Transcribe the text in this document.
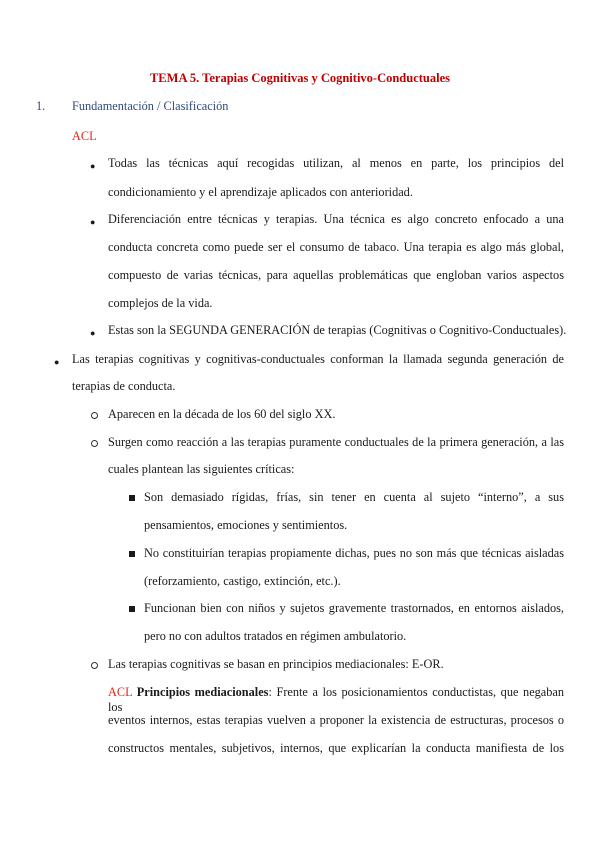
TEMA 5. Terapias Cognitivas y Cognitivo-Conductuales
1. Fundamentación / Clasificación
ACL
● Todas las técnicas aquí recogidas utilizan, al menos en parte, los principios del
condicionamiento y el aprendizaje aplicados con anterioridad.
● Diferenciación entre técnicas y terapias. Una técnica es algo concreto enfocado a una
conducta concreta como puede ser el consumo de tabaco. Una terapia es algo más global,
compuesto de varias técnicas, para aquellas problemáticas que engloban varios aspectos
complejos de la vida.
● Estas son la SEGUNDA GENERACIÓN de terapias (Cognitivas o Cognitivo-Conductuales).
● Las terapias cognitivas y cognitivas-conductuales conforman la llamada segunda generación de
terapias de conducta.
Aparecen en la década de los 60 del siglo XX.
Surgen como reacción a las terapias puramente conductuales de la primera generación, a las
cuales plantean las siguientes críticas:
Son demasiado rígidas, frías, sin tener en cuenta al sujeto “interno”, a sus
pensamientos, emociones y sentimientos.
No constituirían terapias propiamente dichas, pues no son más que técnicas aisladas
(reforzamiento, castigo, extinción, etc.).
Funcionan bien con niños y sujetos gravemente trastornados, en entornos aislados,
pero no con adultos tratados en régimen ambulatorio.
Las terapias cognitivas se basan en principios mediacionales: E-OR.
ACL Principios mediacionales: Frente a los posicionamientos conductistas, que negaban los
eventos internos, estas terapias vuelven a proponer la existencia de estructuras, procesos o
constructos mentales, subjetivos, internos, que explicarían la conducta manifiesta de los
